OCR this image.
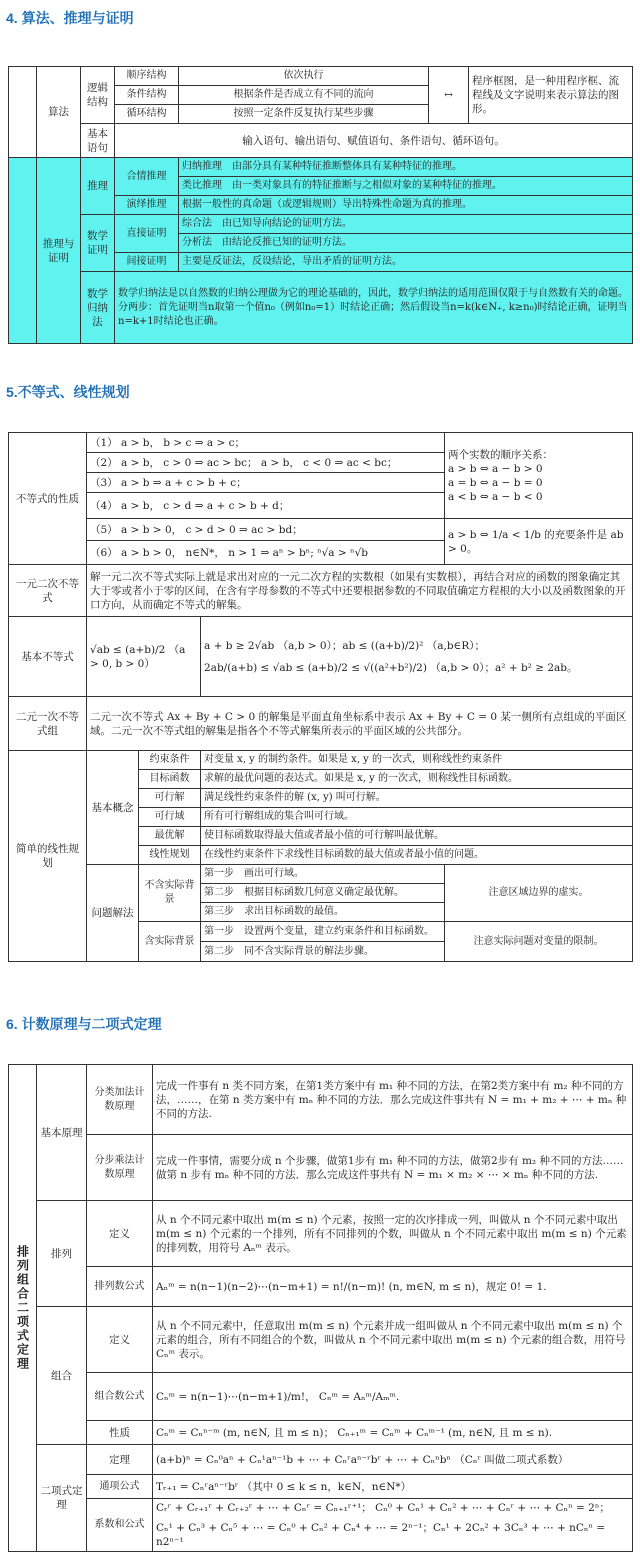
4. 算法、推理与证明
	算法	逻辑结构	顺序结构	依次执行	↔	程序框图，是一种用程序框、流程线及文字说明来表示算法的图形。
			条件结构	根据条件是否成立有不同的流向		
			循环结构	按照一定条件反复执行某些步骤		
		基本语句	输入语句、输出语句、赋值语句、条件语句、循环语句。			
	推理与证明	推理	合情推理	归纳推理　 由部分具有某种特征推断整体具有某种特征的推理。		
				类比推理　 由一类对象具有的特征推断与之相似对象的某种特征的推理。		
			演绎推理	根据一般性的真命题（或逻辑规则）导出特殊性命题为真的推理。		
		数学证明	直接证明	综合法　 由已知导向结论的证明方法。		
				分析法　 由结论反推已知的证明方法。		
			间接证明	主要是反证法，反设结论，导出矛盾的证明方法。		
		数学归纳法	数学归纳法是以自然数的归纳公理做为它的理论基础的，因此，数学归纳法的适用范围仅限于与自然数有关的命题。分两步：首先证明当n取第一个值n₀（例如n₀=1）时结论正确；然后假设当n=k(k∈N₊, k≥n₀)时结论正确，证明当n=k+1时结论也正确。			
5.不等式、线性规划
不等式的性质	（1） a > b， b > c ⇒ a > c；			两个实数的顺序关系：
a > b ⇔ a − b > 0
a = b ⇔ a − b = 0
a < b ⇔ a − b < 0

	（2） a > b， c > 0 ⇒ ac > bc； a > b， c < 0 ⇒ ac < bc；			
	（3） a > b ⇒ a + c > b + c；			
	（4） a > b， c > d ⇒ a + c > b + d；			
	（5） a > b > 0， c > d > 0 ⇒ ac > bd；			a > b ⇔ 1/a < 1/b 的充要条件是 ab > 0。
	（6） a > b > 0， n∈N*， n > 1 ⇒ aⁿ > bⁿ; ⁿ√a > ⁿ√b			
一元二次不等式	解一元二次不等式实际上就是求出对应的一元二次方程的实数根（如果有实数根），再结合对应的函数的图象确定其大于零或者小于零的区间，在含有字母参数的不等式中还要根据参数的不同取值确定方程根的大小以及函数图象的开口方向，从而确定不等式的解集。			
基本不等式	√ab ≤ (a+b)/2 （a > 0, b > 0）		a + b ≥ 2√ab （a,b > 0）；ab ≤ ((a+b)/2)² （a,b∈R）；
2ab/(a+b) ≤ √ab ≤ (a+b)/2 ≤ √((a²+b²)/2) （a,b > 0）；a² + b² ≥ 2ab。	

二元一次不等式组	二元一次不等式 Ax + By + C > 0 的解集是平面直角坐标系中表示 Ax + By + C = 0 某一侧所有点组成的平面区域。二元一次不等式组的解集是指各个不等式解集所表示的平面区域的公共部分。			
简单的线性规划	基本概念	约束条件	对变量 x, y 的制约条件。如果是 x, y 的一次式，则称线性约束条件	
		目标函数	求解的最优问题的表达式。如果是 x, y 的一次式，则称线性目标函数。	
		可行解	满足线性约束条件的解 (x, y) 叫可行解。	
		可行域	所有可行解组成的集合叫可行域。	
		最优解	使目标函数取得最大值或者最小值的可行解叫最优解。	
		线性规划	在线性约束条件下求线性目标函数的最大值或者最小值的问题。	
	问题解法	不含实际背景	第一步　 画出可行域。	注意区域边界的虚实。
			第二步　 根据目标函数几何意义确定最优解。	
			第三步　 求出目标函数的最值。	
		含实际背景	第一步　 设置两个变量，建立约束条件和目标函数。	注意实际问题对变量的限制。
			第二步　 同不含实际背景的解法步骤。	
6. 计数原理与二项式定理
排列组合二项式定理	基本原理	分类加法计数原理	完成一件事有 n 类不同方案，在第1类方案中有 m₁ 种不同的方法，在第2类方案中有 m₂ 种不同的方法，……，在第 n 类方案中有 mₙ 种不同的方法．那么完成这件事共有 N = m₁ + m₂ + ⋯ + mₙ 种不同的方法.
		分步乘法计数原理	完成一件事情，需要分成 n 个步骤，做第1步有 m₁ 种不同的方法，做第2步有 m₂ 种不同的方法……做第 n 步有 mₙ 种不同的方法．那么完成这件事共有 N = m₁ × m₂ × ⋯ × mₙ 种不同的方法.
	排列	定义	从 n 个不同元素中取出 m(m ≤ n) 个元素，按照一定的次序排成一列，叫做从 n 个不同元素中取出 m(m ≤ n) 个元素的一个排列，所有不同排列的个数，叫做从 n 个不同元素中取出 m(m ≤ n) 个元素的排列数，用符号 Aₙᵐ 表示。
		排列数公式	Aₙᵐ = n(n−1)(n−2)⋯(n−m+1) = n!/(n−m)! (n, m∈N, m ≤ n)，规定 0! = 1.
	组合	定义	从 n 个不同元素中，任意取出 m(m ≤ n) 个元素并成一组叫做从 n 个不同元素中取出 m(m ≤ n) 个元素的组合，所有不同组合的个数，叫做从 n 个不同元素中取出 m(m ≤ n) 个元素的组合数，用符号 Cₙᵐ 表示。
		组合数公式	Cₙᵐ = n(n−1)⋯(n−m+1)/m!， Cₙᵐ = Aₙᵐ/Aₘᵐ.
		性质	Cₙᵐ = Cₙⁿ⁻ᵐ (m, n∈N, 且 m ≤ n)； Cₙ₊₁ᵐ = Cₙᵐ + Cₙᵐ⁻¹ (m, n∈N, 且 m ≤ n).
	二项式定理	定理	(a+b)ⁿ = Cₙ⁰aⁿ + Cₙ¹aⁿ⁻¹b + ⋯ + Cₙʳaⁿ⁻ʳbʳ + ⋯ + Cₙⁿbⁿ （Cₙʳ 叫做二项式系数）
		通项公式	Tᵣ₊₁ = Cₙʳaⁿ⁻ʳbʳ （其中 0 ≤ k ≤ n，k∈N，n∈N*）
		系数和公式	Cᵣʳ + Cᵣ₊₁ʳ + Cᵣ₊₂ʳ + ⋯ + Cₙʳ = Cₙ₊₁ʳ⁺¹； Cₙ⁰ + Cₙ¹ + Cₙ² + ⋯ + Cₙʳ + ⋯ + Cₙⁿ = 2ⁿ；
Cₙ¹ + Cₙ³ + Cₙ⁵ + ⋯ = Cₙ⁰ + Cₙ² + Cₙ⁴ + ⋯ = 2ⁿ⁻¹；Cₙ¹ + 2Cₙ² + 3Cₙ³ + ⋯ + nCₙⁿ = n2ⁿ⁻¹
